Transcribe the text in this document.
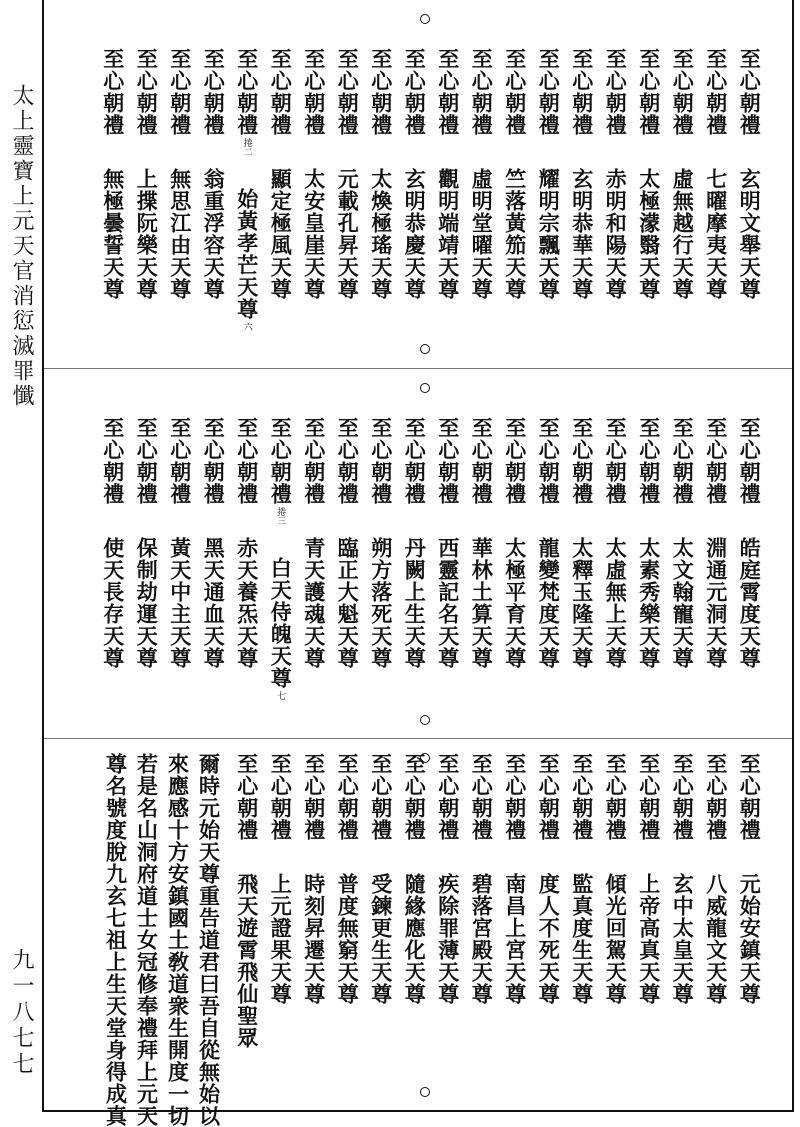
太上靈寶上元天官消愆滅罪懺
九一八七七
至心朝禮
玄明文舉天尊
至心朝禮
七曜摩夷天尊
至心朝禮
虛無越行天尊
至心朝禮
太極濛翳天尊
至心朝禮
赤明和陽天尊
至心朝禮
玄明恭華天尊
至心朝禮
耀明宗飄天尊
至心朝禮
竺落黃笳天尊
至心朝禮
虛明堂曜天尊
至心朝禮
觀明端靖天尊
至心朝禮
玄明恭慶天尊
至心朝禮
太煥極瑤天尊
至心朝禮
元載孔昇天尊
至心朝禮
太安皇崖天尊
至心朝禮
顯定極風天尊
至心朝禮
捲二
始黃孝芒天尊
六
至心朝禮
翁重浮容天尊
至心朝禮
無思江由天尊
至心朝禮
上揲阮樂天尊
至心朝禮
無極曇誓天尊
至心朝禮
皓庭霄度天尊
至心朝禮
淵通元洞天尊
至心朝禮
太文翰寵天尊
至心朝禮
太素秀樂天尊
至心朝禮
太虛無上天尊
至心朝禮
太釋玉隆天尊
至心朝禮
龍變梵度天尊
至心朝禮
太極平育天尊
至心朝禮
華林土算天尊
至心朝禮
西靈記名天尊
至心朝禮
丹闕上生天尊
至心朝禮
朔方落死天尊
至心朝禮
臨正大魁天尊
至心朝禮
青天護魂天尊
至心朝禮
捲三
白天侍魄天尊
七
至心朝禮
赤天養炁天尊
至心朝禮
黑天通血天尊
至心朝禮
黃天中主天尊
至心朝禮
保制劫運天尊
至心朝禮
使天長存天尊
至心朝禮
元始安鎮天尊
至心朝禮
八威龍文天尊
至心朝禮
玄中太皇天尊
至心朝禮
上帝高真天尊
至心朝禮
傾光回駕天尊
至心朝禮
監真度生天尊
至心朝禮
度人不死天尊
至心朝禮
南昌上宮天尊
至心朝禮
碧落宮殿天尊
至心朝禮
疾除罪薄天尊
至心朝禮
隨緣應化天尊
至心朝禮
受鍊更生天尊
至心朝禮
普度無窮天尊
至心朝禮
時刻昇遷天尊
至心朝禮
上元證果天尊
至心朝禮
飛天遊霄飛仙聖眾
爾時元始天尊重告道君曰吾自從無始以
來應感十方安鎮國土敎道衆生開度一切
若是名山洞府道士女冠修奉禮拜上元天
尊名號度脫九玄七祖上生天堂身得成真
